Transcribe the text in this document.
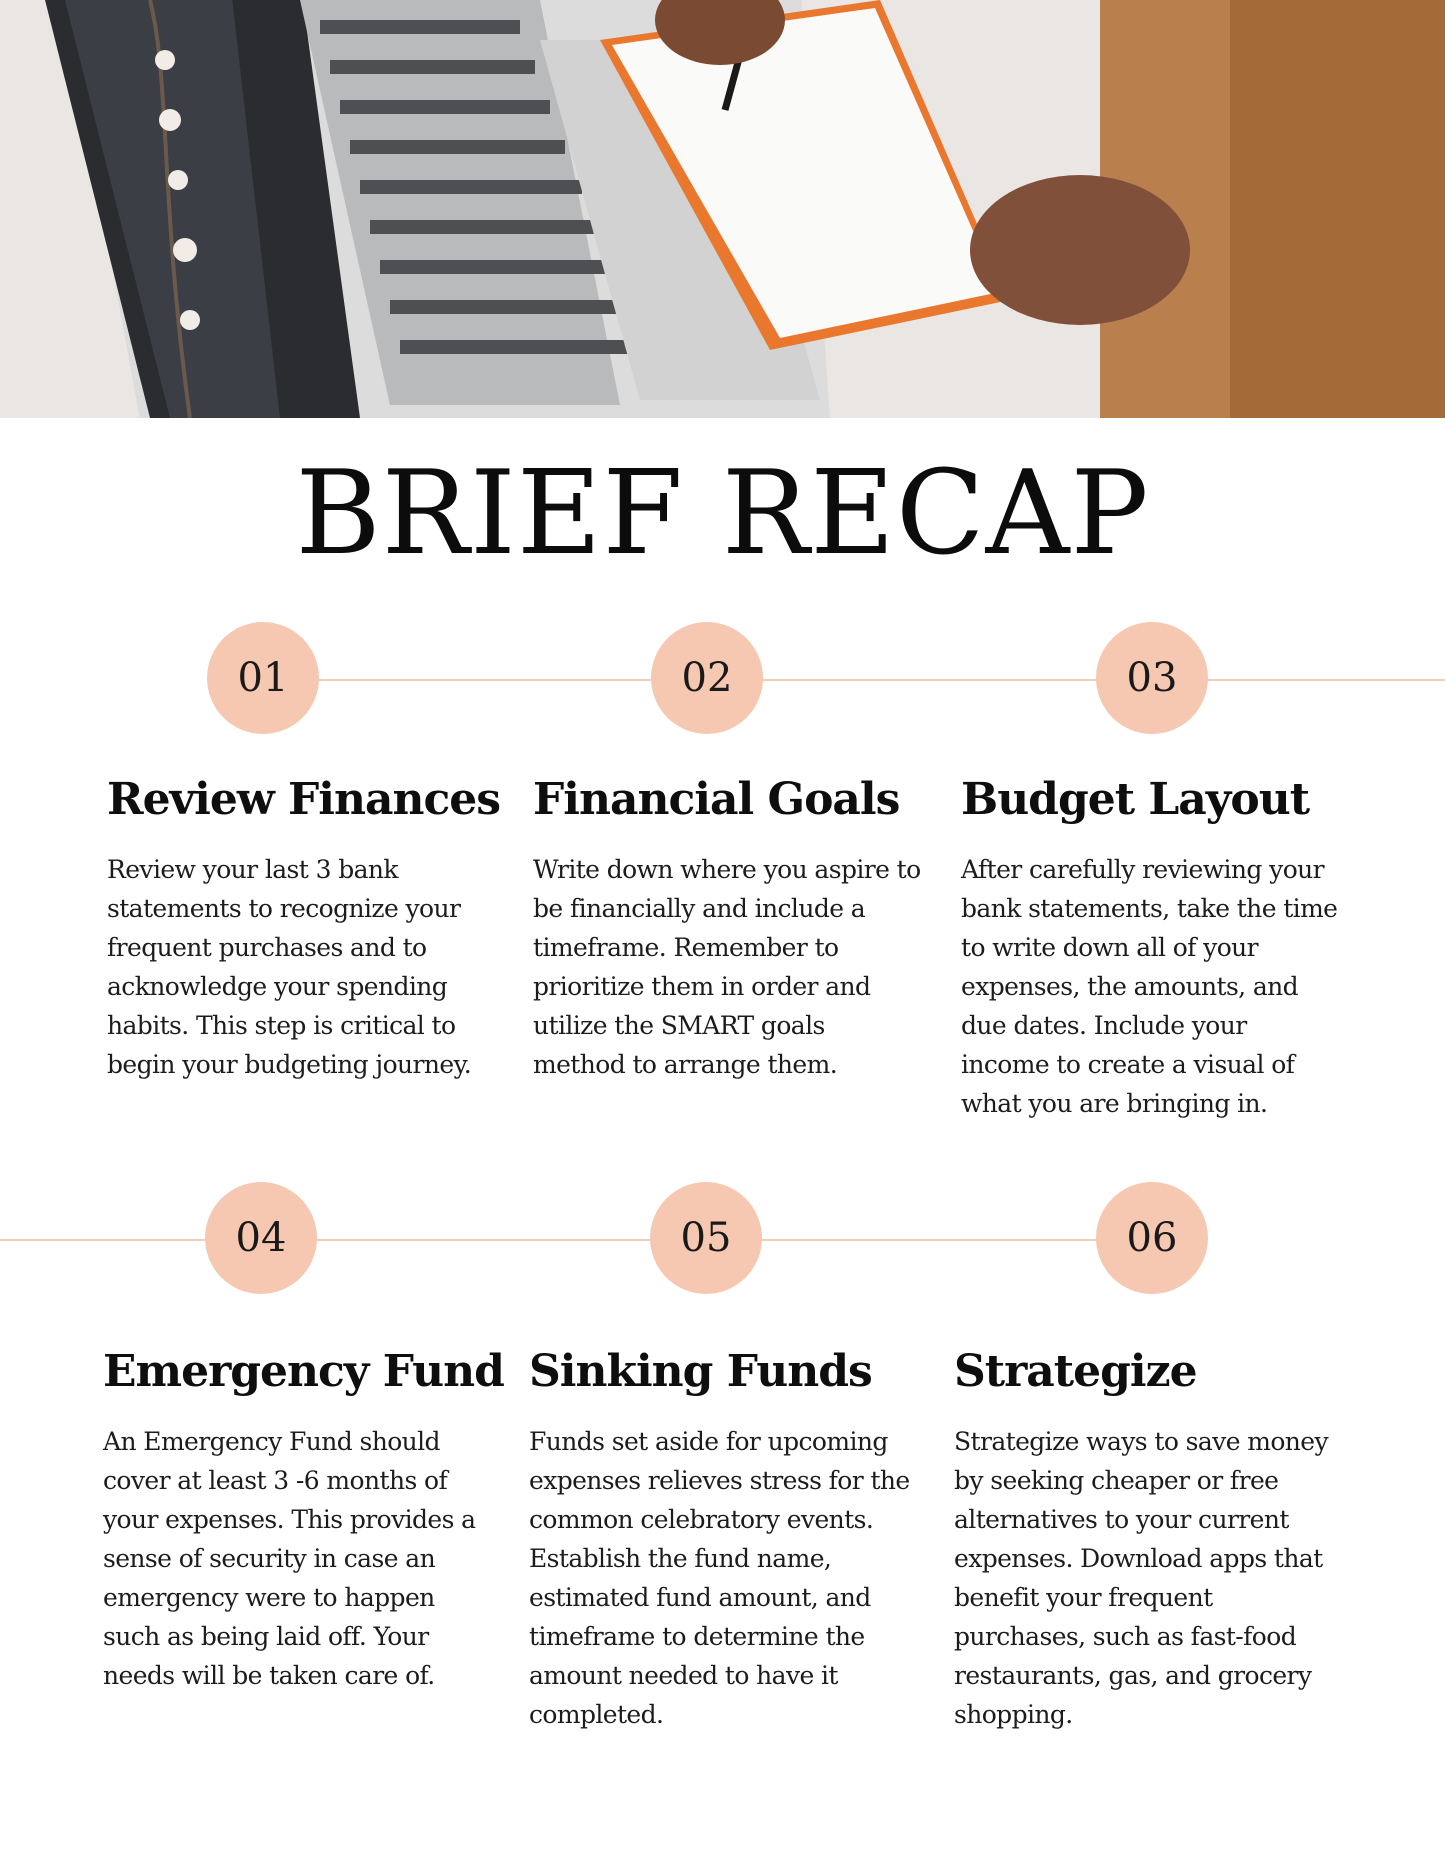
BRIEF RECAP
01	02	03
04	05	06
Review Finances

Review your last 3 bank statements to recognize your frequent purchases and to acknowledge your spending habits. This step is critical to begin your budgeting journey.

Financial Goals

Write down where you aspire to be financially and include a timeframe. Remember to prioritize them in order and utilize the SMART goals method to arrange them.

Budget Layout

After carefully reviewing your bank statements, take the time to write down all of your expenses, the amounts, and due dates. Include your income to create a visual of what you are bringing in.

Emergency Fund

An Emergency Fund should cover at least 3 -6 months of your expenses. This provides a sense of security in case an emergency were to happen such as being laid off. Your needs will be taken care of.

Sinking Funds

Funds set aside for upcoming expenses relieves stress for the common celebratory events. Establish the fund name, estimated fund amount, and timeframe to determine the amount needed to have it completed.

Strategize

Strategize ways to save money by seeking cheaper or free alternatives to your current expenses. Download apps that benefit your frequent purchases, such as fast-food restaurants, gas, and grocery shopping.
